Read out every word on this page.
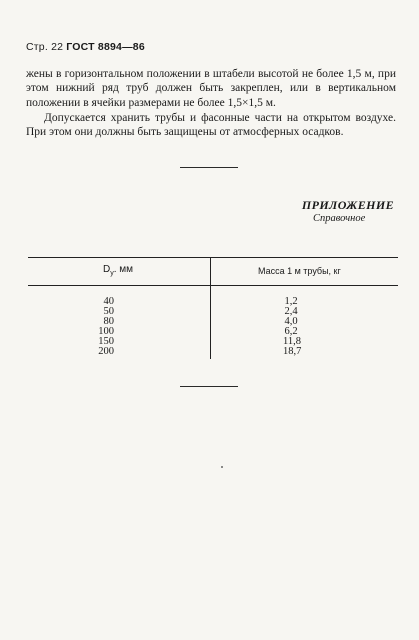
Стр. 22 ГОСТ 8894—86
жены в горизонтальном положении в штабели высотой не более 1,5 м, при этом нижний ряд труб должен быть закреплен, или в вертикальном положении в ячейки размерами не более 1,5×1,5 м.
Допускается хранить трубы и фасонные части на открытом воздухе. При этом они должны быть защищены от атмосферных осадков.
ПРИЛОЖЕНИЕ
Справочное
$D_y$. мм	Масса 1 м трубы, кг
40
50
80
100
150
200
1,2
2,4
4,0
6,2
11,8
18,7
